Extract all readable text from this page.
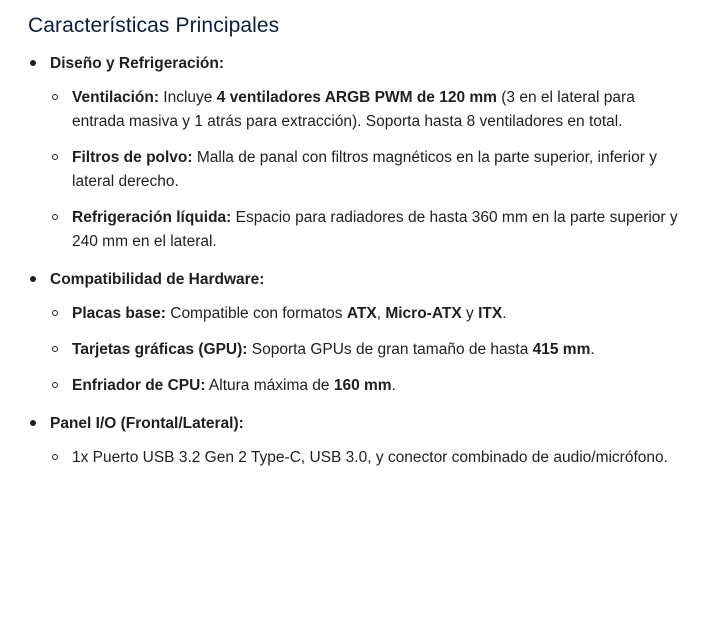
Características Principales
Diseño y Refrigeración:
Ventilación: Incluye 4 ventiladores ARGB PWM de 120 mm (3 en el lateral para entrada masiva y 1 atrás para extracción). Soporta hasta 8 ventiladores en total.
Filtros de polvo: Malla de panal con filtros magnéticos en la parte superior, inferior y lateral derecho.
Refrigeración líquida: Espacio para radiadores de hasta 360 mm en la parte superior y 240 mm en el lateral.
Compatibilidad de Hardware:
Placas base: Compatible con formatos ATX, Micro-ATX y ITX.
Tarjetas gráficas (GPU): Soporta GPUs de gran tamaño de hasta 415 mm.
Enfriador de CPU: Altura máxima de 160 mm.
Panel I/O (Frontal/Lateral):
1x Puerto USB 3.2 Gen 2 Type-C, USB 3.0, y conector combinado de audio/micrófono.
